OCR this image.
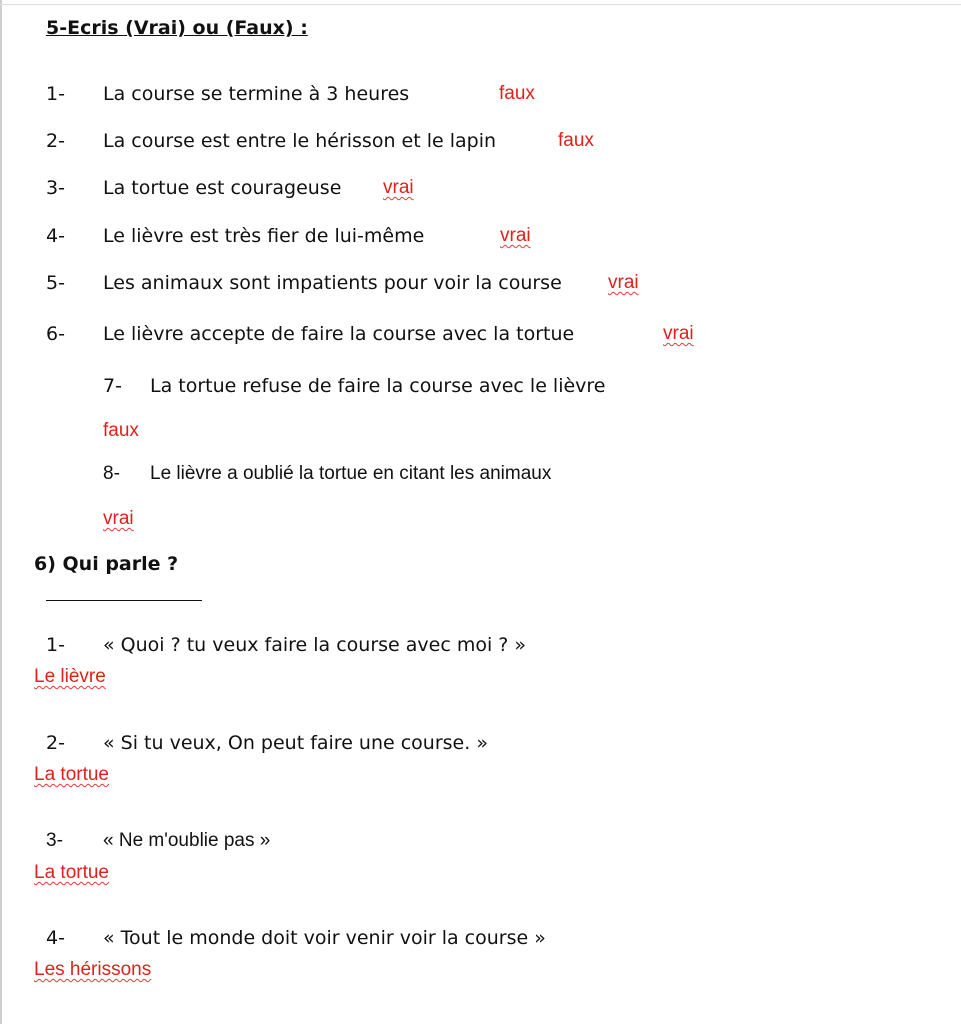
5-Ecris (Vrai) ou (Faux) :
1- La course se termine à 3 heures	faux
2- La course est entre le hérisson et le lapin	faux
3- La tortue est courageuse vrai
4- Le lièvre est très fier de lui-même	vrai
5- Les animaux sont impatients pour voir la course vrai
6- Le lièvre accepte de faire la course avec la tortue	vrai
7- La tortue refuse de faire la course avec le lièvre
faux
8- Le lièvre a oublié la tortue en citant les animaux
vrai
6) Qui parle ?
1- « Quoi ? tu veux faire la course avec moi ? »
Le lièvre
2- « Si tu veux, On peut faire une course. »
La tortue
3- « Ne m'oublie pas »
La tortue
4- « Tout le monde doit voir venir voir la course »
Les hérissons
